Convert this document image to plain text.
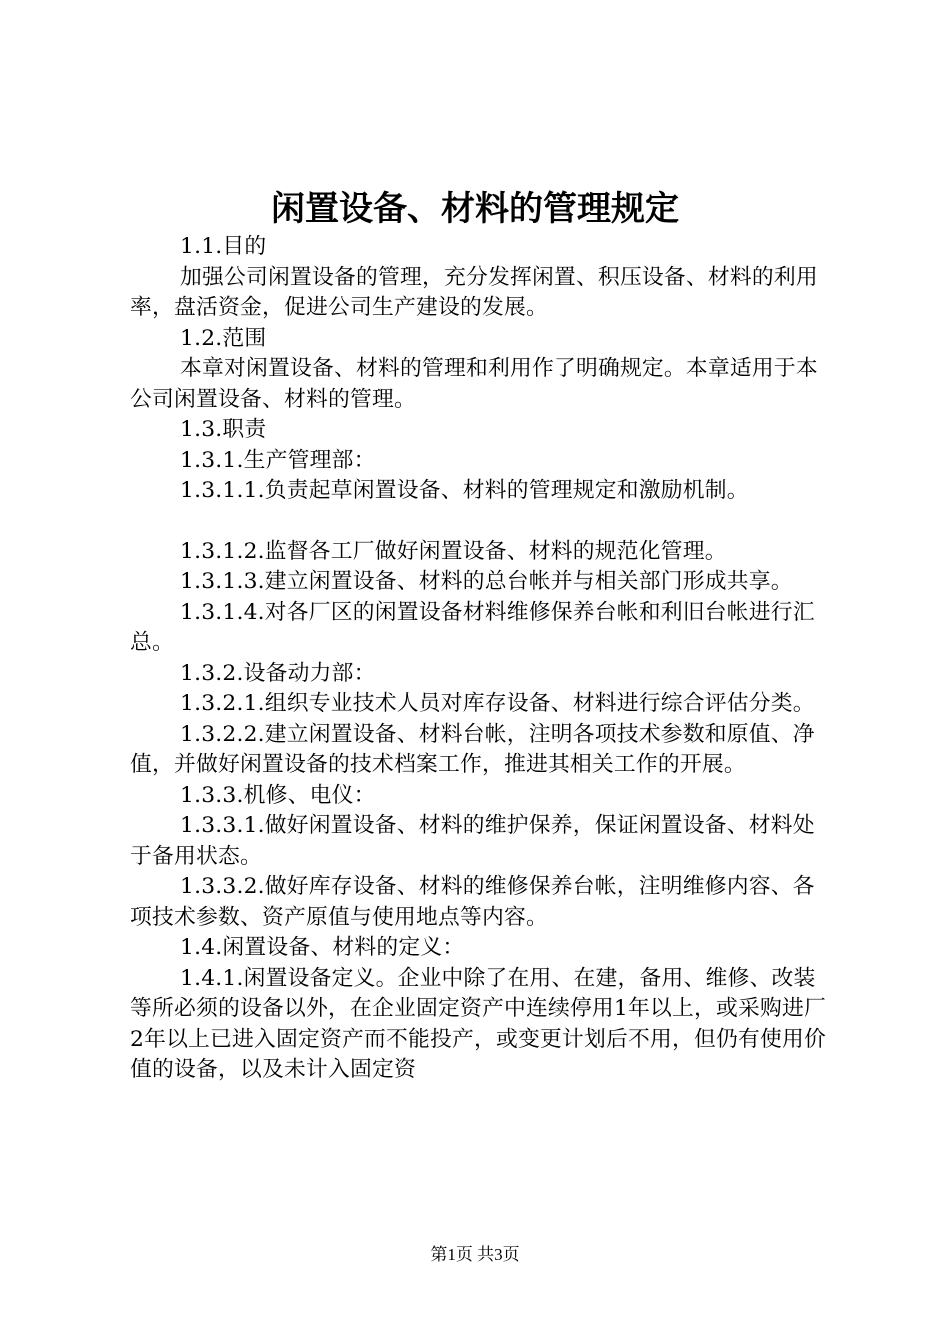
闲置设备、材料的管理规定

1.1.目的

加强公司闲置设备的管理，充分发挥闲置、积压设备、材料的利用率，盘活资金，促进公司生产建设的发展。

1.2.范围

本章对闲置设备、材料的管理和利用作了明确规定。本章适用于本公司闲置设备、材料的管理。

1.3.职责

1.3.1.生产管理部：

1.3.1.1.负责起草闲置设备、材料的管理规定和激励机制。

1.3.1.2.监督各工厂做好闲置设备、材料的规范化管理。

1.3.1.3.建立闲置设备、材料的总台帐并与相关部门形成共享。

1.3.1.4.对各厂区的闲置设备材料维修保养台帐和利旧台帐进行汇总。

1.3.2.设备动力部：

1.3.2.1.组织专业技术人员对库存设备、材料进行综合评估分类。

1.3.2.2.建立闲置设备、材料台帐，注明各项技术参数和原值、净值，并做好闲置设备的技术档案工作，推进其相关工作的开展。

1.3.3.机修、电仪：

1.3.3.1.做好闲置设备、材料的维护保养，保证闲置设备、材料处于备用状态。

1.3.3.2.做好库存设备、材料的维修保养台帐，注明维修内容、各项技术参数、资产原值与使用地点等内容。

1.4.闲置设备、材料的定义：

1.4.1.闲置设备定义。企业中除了在用、在建，备用、维修、改装等所必须的设备以外，在企业固定资产中连续停用1年以上，或采购进厂2年以上已进入固定资产而不能投产，或变更计划后不用，但仍有使用价值的设备，以及未计入固定资

第1页 共3页
